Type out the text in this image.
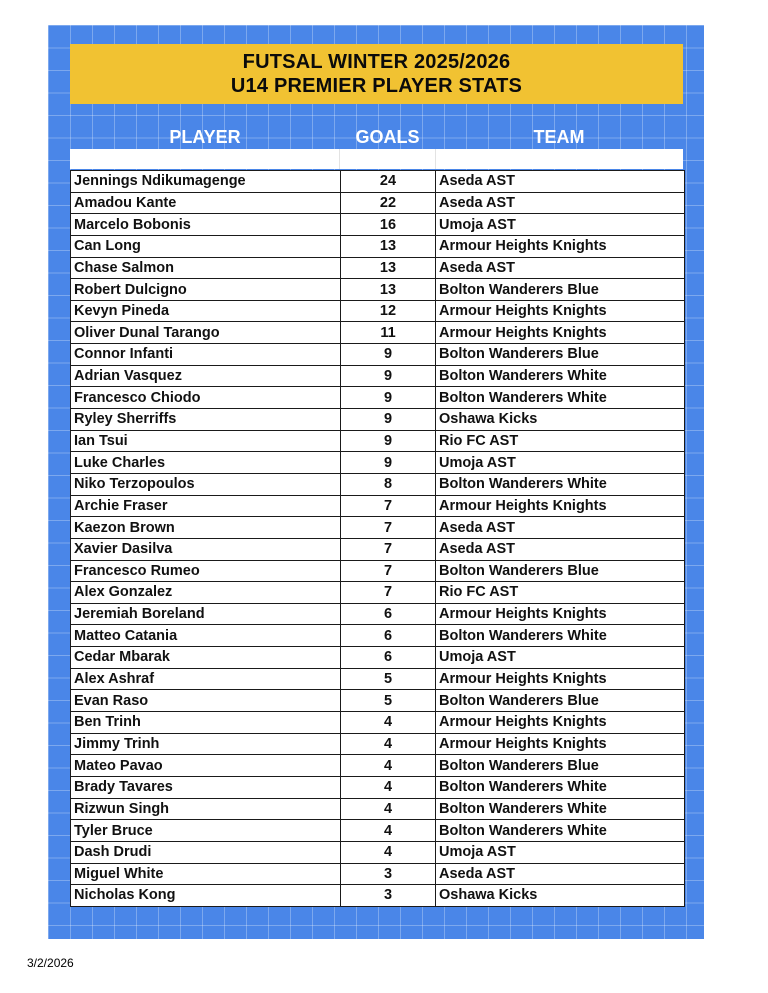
FUTSAL WINTER 2025/2026
U14 PREMIER PLAYER STATS
PLAYER	GOALS	TEAM
Jennings Ndikumagenge	24	Aseda AST
Amadou Kante	22	Aseda AST
Marcelo Bobonis	16	Umoja AST
Can Long	13	Armour Heights Knights
Chase Salmon	13	Aseda AST
Robert Dulcigno	13	Bolton Wanderers Blue
Kevyn Pineda	12	Armour Heights Knights
Oliver Dunal Tarango	11	Armour Heights Knights
Connor Infanti	9	Bolton Wanderers Blue
Adrian Vasquez	9	Bolton Wanderers White
Francesco Chiodo	9	Bolton Wanderers White
Ryley Sherriffs	9	Oshawa Kicks
Ian Tsui	9	Rio FC AST
Luke Charles	9	Umoja AST
Niko Terzopoulos	8	Bolton Wanderers White
Archie Fraser	7	Armour Heights Knights
Kaezon Brown	7	Aseda AST
Xavier Dasilva	7	Aseda AST
Francesco Rumeo	7	Bolton Wanderers Blue
Alex Gonzalez	7	Rio FC AST
Jeremiah Boreland	6	Armour Heights Knights
Matteo Catania	6	Bolton Wanderers White
Cedar Mbarak	6	Umoja AST
Alex Ashraf	5	Armour Heights Knights
Evan Raso	5	Bolton Wanderers Blue
Ben Trinh	4	Armour Heights Knights
Jimmy Trinh	4	Armour Heights Knights
Mateo Pavao	4	Bolton Wanderers Blue
Brady Tavares	4	Bolton Wanderers White
Rizwun Singh	4	Bolton Wanderers White
Tyler Bruce	4	Bolton Wanderers White
Dash Drudi	4	Umoja AST
Miguel White	3	Aseda AST
Nicholas Kong	3	Oshawa Kicks
3/2/2026
